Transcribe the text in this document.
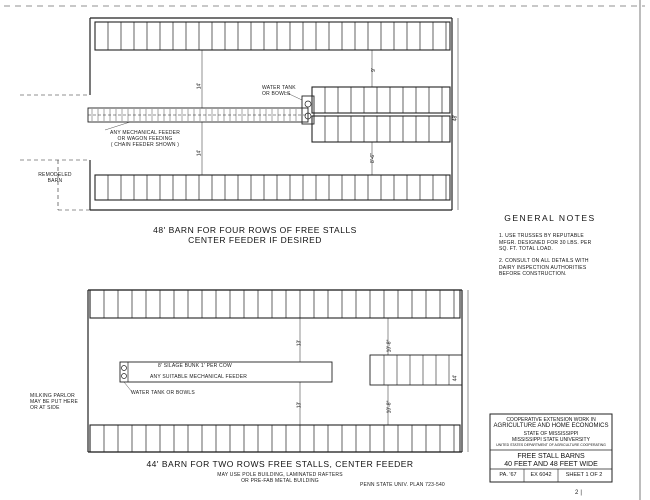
WATER TANK
OR BOWLS
ANY MECHANICAL FEEDER
OR WAGON FEEDING
( CHAIN FEEDER SHOWN )
REMODELED
BARN
14'
14'
9'
8'-6"
48'
48' BARN FOR FOUR ROWS OF FREE STALLS
CENTER FEEDER IF DESIRED
GENERAL NOTES
1. USE TRUSSES BY REPUTABLE MFGR. DESIGNED FOR 30 LBS. PER SQ. FT. TOTAL LOAD.
2. CONSULT ON ALL DETAILS WITH DAIRY INSPECTION AUTHORITIES BEFORE CONSTRUCTION.
8' SILAGE BUNK 1' PER COW
ANY SUITABLE MECHANICAL FEEDER
WATER TANK OR BOWLS
MILKING PARLOR
MAY BE PUT HERE
OR AT SIDE
13'
13'
10'-8"
10'-8"
44'
44' BARN FOR TWO ROWS FREE STALLS, CENTER FEEDER
MAY USE POLE BUILDING, LAMINATED RAFTERS
OR PRE-FAB METAL BUILDING
PENN STATE UNIV. PLAN 723-540
COOPERATIVE EXTENSION WORK IN
AGRICULTURE AND HOME ECONOMICS
STATE OF MISSISSIPPI
MISSISSIPPI STATE UNIVERSITY
UNITED STATES DEPARTMENT OF AGRICULTURE COOPERATING
FREE STALL BARNS
40 FEET AND 48 FEET WIDE
PA. '67	EX 6042	SHEET 1 OF 2
2 |
